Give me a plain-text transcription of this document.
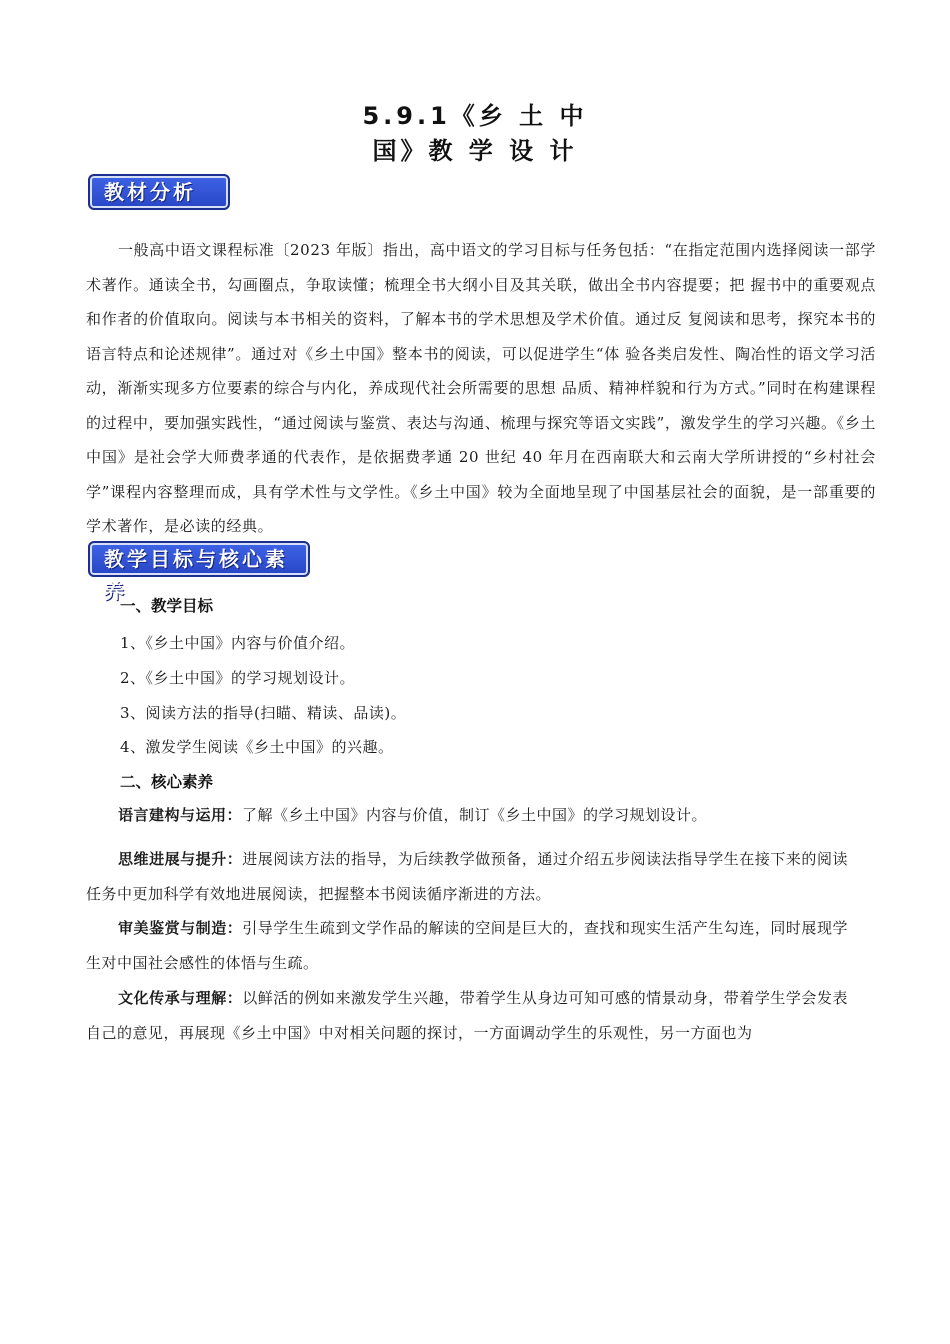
5.9.1《乡 土 中
国》教 学 设 计
教材分析

一般高中语文课程标准〔2023 年版〕指出，高中语文的学习目标与任务包括：“在指定范围内选择阅读一部学术著作。通读全书，勾画圈点，争取读懂；梳理全书大纲小目及其关联，做出全书内容提要；把 握书中的重要观点和作者的价值取向。阅读与本书相关的资料，了解本书的学术思想及学术价值。通过反 复阅读和思考，探究本书的语言特点和论述规律”。通过对《乡土中国》整本书的阅读，可以促进学生“体 验各类启发性、陶冶性的语文学习活动，渐渐实现多方位要素的综合与内化，养成现代社会所需要的思想 品质、精神样貌和行为方式。”同时在构建课程的过程中，要加强实践性，“通过阅读与鉴赏、表达与沟通、梳理与探究等语文实践”，激发学生的学习兴趣。《乡土中国》是社会学大师费孝通的代表作，是依据费孝通 20 世纪 40 年月在西南联大和云南大学所讲授的“乡村社会学”课程内容整理而成，具有学术性与文学性。《乡土中国》较为全面地呈现了中国基层社会的面貌，是一部重要的学术著作，是必读的经典。

教学目标与核心素养
一、教学目标
1、《乡土中国》内容与价值介绍。
2、《乡土中国》的学习规划设计。
3、阅读方法的指导(扫瞄、精读、品读)。
4、激发学生阅读《乡土中国》的兴趣。
二、核心素养

语言建构与运用：了解《乡土中国》内容与价值，制订《乡土中国》的学习规划设计。

思维进展与提升：进展阅读方法的指导，为后续教学做预备，通过介绍五步阅读法指导学生在接下来的阅读任务中更加科学有效地进展阅读，把握整本书阅读循序渐进的方法。

审美鉴赏与制造：引导学生生疏到文学作品的解读的空间是巨大的，查找和现实生活产生勾连，同时展现学生对中国社会感性的体悟与生疏。

文化传承与理解：以鲜活的例如来激发学生兴趣，带着学生从身边可知可感的情景动身，带着学生学会发表自己的意见，再展现《乡土中国》中对相关问题的探讨，一方面调动学生的乐观性，另一方面也为
